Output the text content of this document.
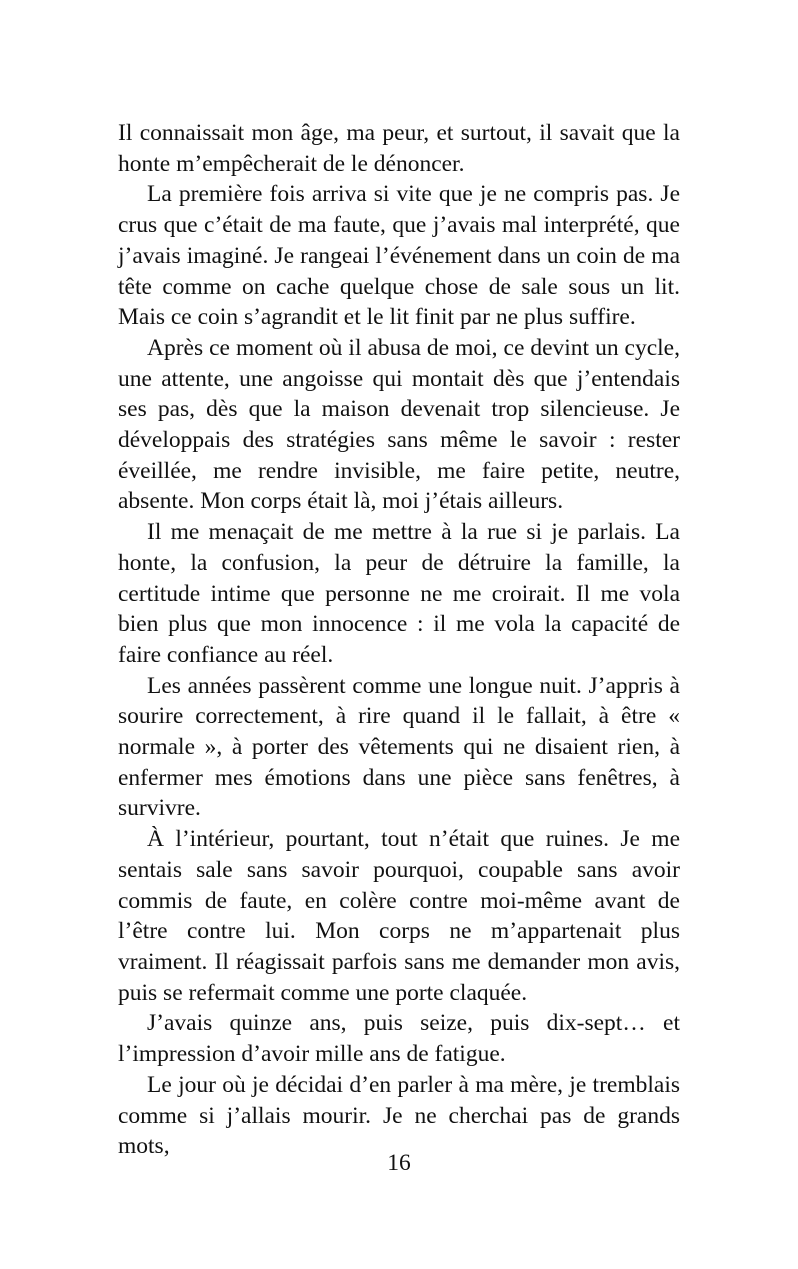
Il connaissait mon âge, ma peur, et surtout, il savait que la honte m’empêcherait de le dénoncer.

La première fois arriva si vite que je ne compris pas. Je crus que c’était de ma faute, que j’avais mal interprété, que j’avais imaginé. Je rangeai l’événement dans un coin de ma tête comme on cache quelque chose de sale sous un lit. Mais ce coin s’agrandit et le lit finit par ne plus suffire.

Après ce moment où il abusa de moi, ce devint un cycle, une attente, une angoisse qui montait dès que j’entendais ses pas, dès que la maison devenait trop silencieuse. Je développais des stratégies sans même le savoir : rester éveillée, me rendre invisible, me faire petite, neutre, absente. Mon corps était là, moi j’étais ailleurs.

Il me menaçait de me mettre à la rue si je parlais. La honte, la confusion, la peur de détruire la famille, la certitude intime que personne ne me croirait. Il me vola bien plus que mon innocence : il me vola la capacité de faire confiance au réel.

Les années passèrent comme une longue nuit. J’appris à sourire correctement, à rire quand il le fallait, à être « normale », à porter des vêtements qui ne disaient rien, à enfermer mes émotions dans une pièce sans fenêtres, à survivre.

À l’intérieur, pourtant, tout n’était que ruines. Je me sentais sale sans savoir pourquoi, coupable sans avoir commis de faute, en colère contre moi-même avant de l’être contre lui. Mon corps ne m’appartenait plus vraiment. Il réagissait parfois sans me demander mon avis, puis se refermait comme une porte claquée.

J’avais quinze ans, puis seize, puis dix-sept… et l’impression d’avoir mille ans de fatigue.

Le jour où je décidai d’en parler à ma mère, je tremblais comme si j’allais mourir. Je ne cherchai pas de grands mots,

16
